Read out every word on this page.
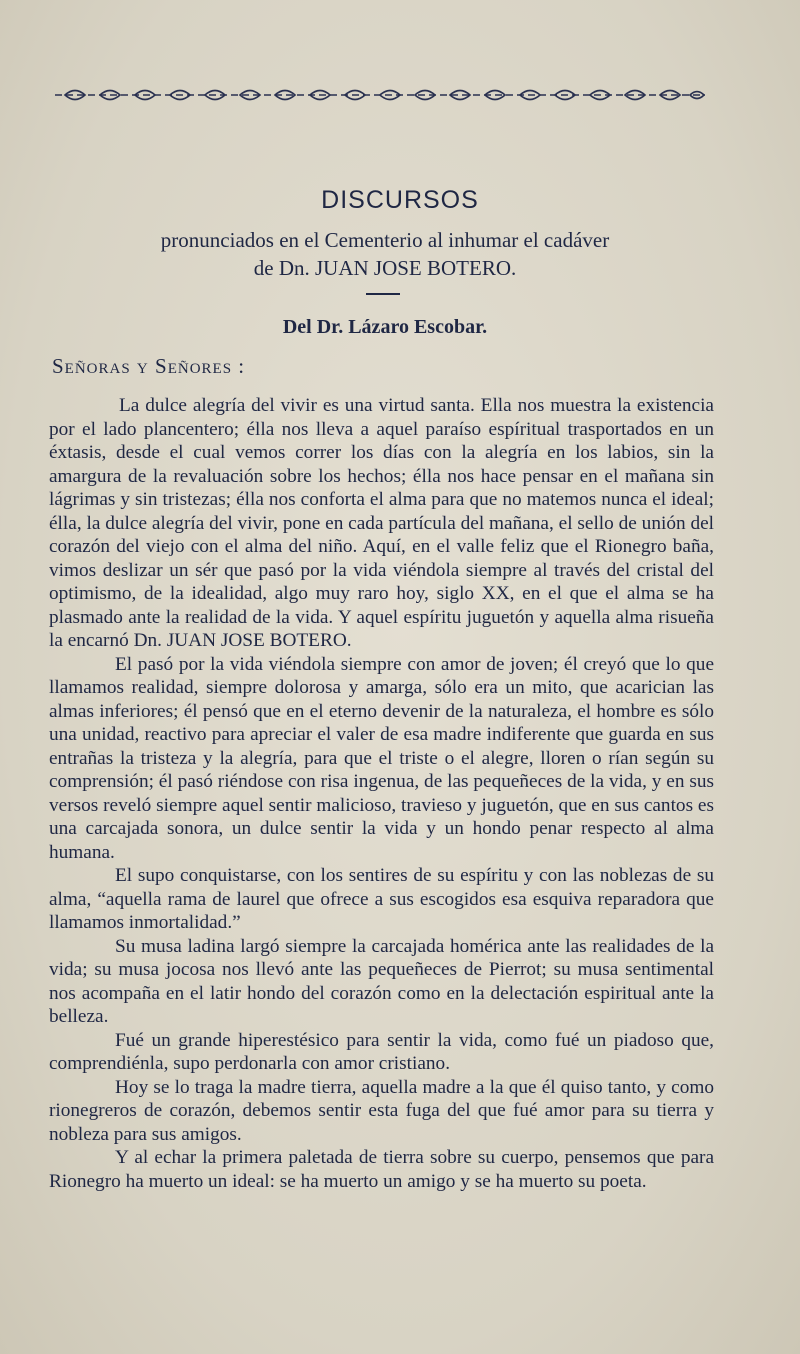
DISCURSOS
pronunciados en el Cementerio al inhumar el cadáver
de Dn. JUAN JOSE BOTERO.
Del Dr. Lázaro Escobar.
Señoras y Señores :

La dulce alegría del vivir es una virtud santa. Ella nos muestra la existencia por el lado plancentero; élla nos lleva a aquel paraíso espíritual trasportados en un éxtasis, desde el cual vemos correr los días con la alegría en los labios, sin la amargura de la revaluación sobre los hechos; élla nos hace pensar en el mañana sin lágrimas y sin tristezas; élla nos conforta el alma para que no matemos nunca el ideal; élla, la dulce alegría del vivir, pone en cada partícula del mañana, el sello de unión del corazón del viejo con el alma del niño. Aquí, en el valle feliz que el Rionegro baña, vimos deslizar un sér que pasó por la vida viéndola siempre al través del cristal del optimismo, de la idealidad, algo muy raro hoy, siglo XX, en el que el alma se ha plasmado ante la realidad de la vida. Y aquel espíritu juguetón y aquella alma risueña la encarnó Dn. JUAN JOSE BOTERO.

El pasó por la vida viéndola siempre con amor de joven; él creyó que lo que llamamos realidad, siempre dolorosa y amarga, sólo era un mito, que acarician las almas inferiores; él pensó que en el eterno devenir de la naturaleza, el hombre es sólo una unidad, reactivo para apreciar el valer de esa madre indiferente que guarda en sus entrañas la tristeza y la alegría, para que el triste o el alegre, lloren o rían según su comprensión; él pasó riéndose con risa ingenua, de las pequeñeces de la vida, y en sus versos reveló siempre aquel sentir malicioso, travieso y juguetón, que en sus cantos es una carcajada sonora, un dulce sentir la vida y un hondo penar respecto al alma humana.

El supo conquistarse, con los sentires de su espíritu y con las noblezas de su alma, “aquella rama de laurel que ofrece a sus escogidos esa esquiva reparadora que llamamos inmortalidad.”

Su musa ladina largó siempre la carcajada homérica ante las realidades de la vida; su musa jocosa nos llevó ante las pequeñeces de Pierrot; su musa sentimental nos acompaña en el latir hondo del corazón como en la delectación espiritual ante la belleza.

Fué un grande hiperestésico para sentir la vida, como fué un piadoso que, comprendiénla, supo perdonarla con amor cristiano.

Hoy se lo traga la madre tierra, aquella madre a la que él quiso tanto, y como rionegreros de corazón, debemos sentir esta fuga del que fué amor para su tierra y nobleza para sus amigos.

Y al echar la primera paletada de tierra sobre su cuerpo, pensemos que para Rionegro ha muerto un ideal: se ha muerto un amigo y se ha muerto su poeta.
